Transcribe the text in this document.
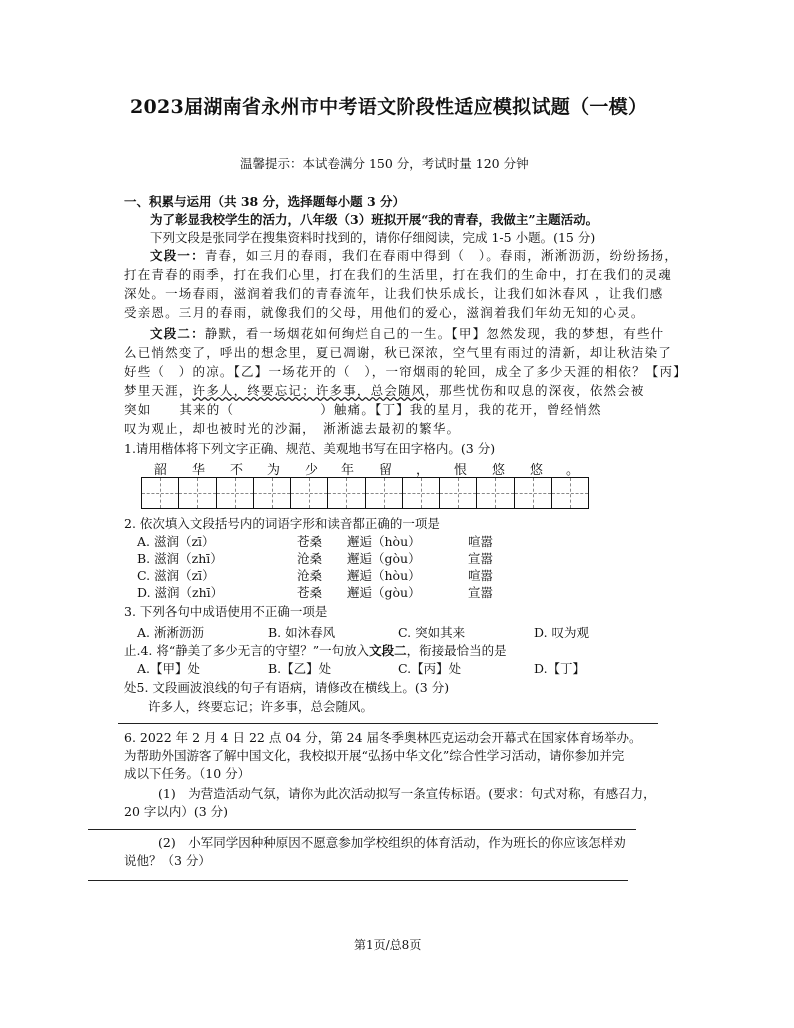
2023届湖南省永州市中考语文阶段性适应模拟试题（一模）
温馨提示：本试卷满分 150 分，考试时量 120 分钟
一、积累与运用（共 38 分，选择题每小题 3 分）
为了彰显我校学生的活力，八年级（3）班拟开展“我的青春，我做主”主题活动。
下列文段是张同学在搜集资料时找到的，请你仔细阅读，完成 1-5 小题。(15 分)
文段一：青春，如三月的春雨，我们在春雨中得到（　）。春雨，淅淅沥沥，纷纷扬扬，
打在青春的雨季，打在我们心里，打在我们的生活里，打在我们的生命中，打在我们的灵魂
深处。一场春雨，滋润着我们的青春流年，让我们快乐成长，让我们如沐春风 ，让我们感
受亲恩。三月的春雨，就像我们的父母，用他们的爱心，滋润着我们年幼无知的心灵。
文段二：静默，看一场烟花如何绚烂自己的一生。【甲】忽然发现，我的梦想，有些什
么已悄然变了，呼出的想念里，夏已凋谢，秋已深浓，空气里有雨过的清新，却让秋洁染了
好些（　）的凉。【乙】一场花开的（　），一帘烟雨的轮回，成全了多少天涯的相依？【丙】
梦里天涯，许多人，终要忘记；许多事，总会随风，那些忧伤和叹息的深夜，依然会被
突如 其来的（	）触痛。【丁】我的星月，我的花开，曾经悄然
叹为观止，却也被时光的沙漏，　淅淅滤去最初的繁华。
1.请用楷体将下列文字正确、规范、美观地书写在田字格内。(3 分)
韶 华 不 为 少 年 留 ， 恨 悠 悠 。
2. 依次填入文段括号内的词语字形和读音都正确的一项是
A. 滋润（zī）	苍桑 邂逅（hòu）	喧嚣
B. 滋润（zhī）	沧桑 邂逅（gòu）	宣嚣
C. 滋润（zī）	沧桑 邂逅（hòu）	喧嚣
D. 滋润（zhī）	苍桑 邂逅（gòu）	宣嚣
3. 下列各句中成语使用不正确一项是
A. 淅淅沥沥	B. 如沐春风	C. 突如其来	D. 叹为观
止.4. 将“静美了多少无言的守望？”一句放入文段二，衔接最恰当的是
A.【甲】处	B.【乙】处	C.【丙】处	D.【丁】
处5. 文段画波浪线的句子有语病，请修改在横线上。(3 分)
许多人，终要忘记；许多事，总会随风。
6. 2022 年 2 月 4 日 22 点 04 分，第 24 届冬季奥林匹克运动会开幕式在国家体育场举办。
为帮助外国游客了解中国文化，我校拟开展“弘扬中华文化”综合性学习活动，请你参加并完
成以下任务。（10 分）
(1)　为营造活动气氛，请你为此次活动拟写一条宣传标语。(要求：句式对称，有感召力，
20 字以内）(3 分)
(2)　小军同学因种种原因不愿意参加学校组织的体育活动，作为班长的你应该怎样劝
说他？（3 分）
第1页/总8页
